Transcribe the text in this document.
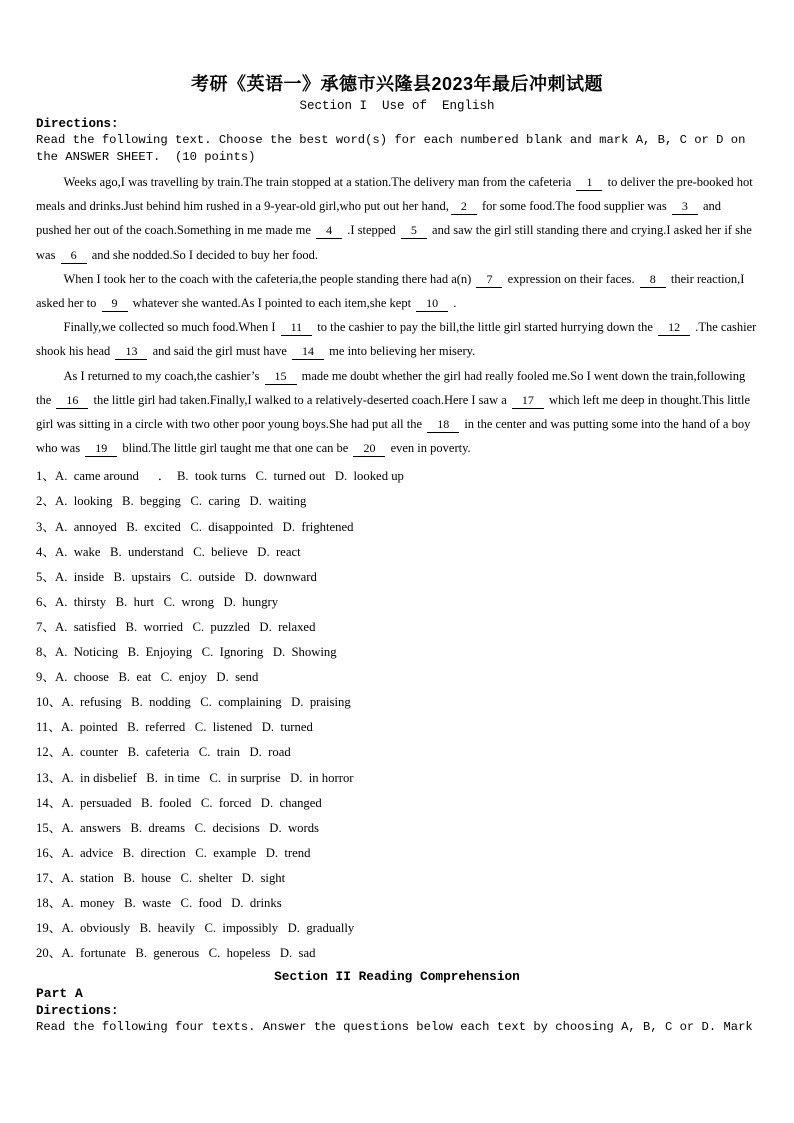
考研《英语一》承德市兴隆县2023年最后冲刺试题
Section I  Use of  English
Directions:
Read the following text. Choose the best word(s) for each numbered blank and mark A, B, C or D on the ANSWER SHEET.  (10 points)

Weeks ago,I was travelling by train.The train stopped at a station.The delivery man from the cafeteria 1 to deliver the pre-booked hot meals and drinks.Just behind him rushed in a 9-year-old girl,who put out her hand, 2 for some food.The food supplier was 3 and pushed her out of the coach.Something in me made me 4 .I stepped 5 and saw the girl still standing there and crying.I asked her if she was 6 and she nodded.So I decided to buy her food.

When I took her to the coach with the cafeteria,the people standing there had a(n) 7 expression on their faces. 8 their reaction,I asked her to 9 whatever she wanted.As I pointed to each item,she kept 10 .

Finally,we collected so much food.When I 11 to the cashier to pay the bill,the little girl started hurrying down the 12 .The cashier shook his head 13 and said the girl must have 14 me into believing her misery.

As I returned to my coach,the cashier’s 15 made me doubt whether the girl had really fooled me.So I went down the train,following the 16 the little girl had taken.Finally,I walked to a relatively-deserted coach.Here I saw a 17 which left me deep in thought.This little girl was sitting in a circle with two other poor young boys.She had put all the 18 in the center and was putting some into the hand of a boy who was 19 blind.The little girl taught me that one can be 20 even in poverty.

1、A.  came around      ．  B.  took turns   C.  turned out   D.  looked up
2、A.  looking   B.  begging   C.  caring   D.  waiting
3、A.  annoyed   B.  excited   C.  disappointed   D.  frightened
4、A.  wake   B.  understand   C.  believe   D.  react
5、A.  inside   B.  upstairs   C.  outside   D.  downward
6、A.  thirsty   B.  hurt   C.  wrong   D.  hungry
7、A.  satisfied   B.  worried   C.  puzzled   D.  relaxed
8、A.  Noticing   B.  Enjoying   C.  Ignoring   D.  Showing
9、A.  choose   B.  eat   C.  enjoy   D.  send
10、A.  refusing   B.  nodding   C.  complaining   D.  praising
11、A.  pointed   B.  referred   C.  listened   D.  turned
12、A.  counter   B.  cafeteria   C.  train   D.  road
13、A.  in disbelief   B.  in time   C.  in surprise   D.  in horror
14、A.  persuaded   B.  fooled   C.  forced   D.  changed
15、A.  answers   B.  dreams   C.  decisions   D.  words
16、A.  advice   B.  direction   C.  example   D.  trend
17、A.  station   B.  house   C.  shelter   D.  sight
18、A.  money   B.  waste   C.  food   D.  drinks
19、A.  obviously   B.  heavily   C.  impossibly   D.  gradually
20、A.  fortunate   B.  generous   C.  hopeless   D.  sad
Section II Reading Comprehension
Part A
Directions:
Read the following four texts. Answer the questions below each text by choosing A, B, C or D. Mark
